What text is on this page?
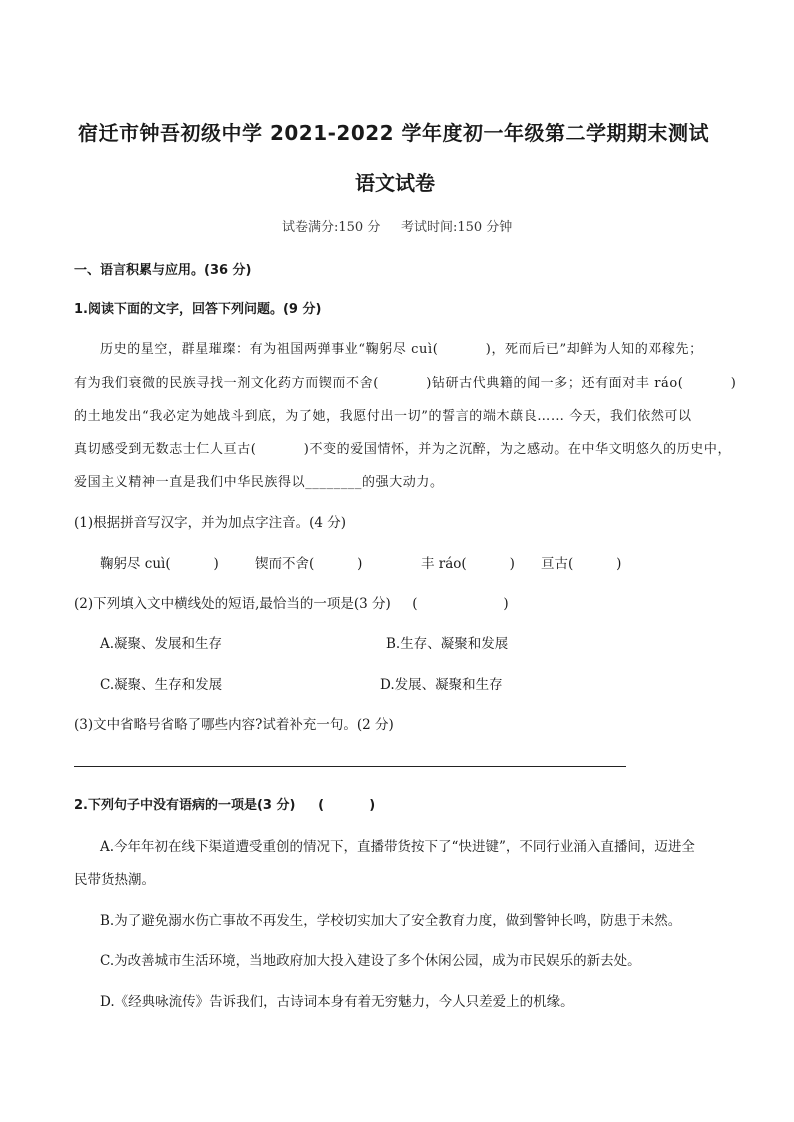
宿迁市钟吾初级中学 2021-2022 学年度初一年级第二学期期末测试
语文试卷
试卷满分:150 分     考试时间:150 分钟
一、语言积累与应用。(36 分)
1.阅读下面的文字，回答下列问题。(9 分)
历史的星空，群星璀璨：有为祖国两弹事业“鞠躬尽 cuì(          )，死而后已”却鲜为人知的邓稼先；
有为我们衰微的民族寻找一剂文化药方而锲而不舍(          )钻研古代典籍的闻一多；还有面对丰 ráo(          )
的土地发出“我必定为她战斗到底，为了她，我愿付出一切”的誓言的端木蕻良…… 今天，我们依然可以
真切感受到无数志士仁人亘古(          )不变的爱国情怀，并为之沉醉，为之感动。在中华文明悠久的历史中，
爱国主义精神一直是我们中华民族得以________的强大动力。
(1)根据拼音写汉字，并为加点字注音。(4 分)
鞠躬尽 cuì(          )	锲而不舍(          )	丰 ráo(          ) 亘古(          )
(2)下列填入文中横线处的短语,最恰当的一项是(3 分)     (                    )
A.凝聚、发展和生存	B.生存、凝聚和发展
C.凝聚、生存和发展	D.发展、凝聚和生存
(3)文中省略号省略了哪些内容?试着补充一句。(2 分)
2.下列句子中没有语病的一项是(3 分)     (          )
A.今年年初在线下渠道遭受重创的情况下，直播带货按下了“快进键”，不同行业涌入直播间，迈进全
民带货热潮。
B.为了避免溺水伤亡事故不再发生，学校切实加大了安全教育力度，做到警钟长鸣，防患于未然。
C.为改善城市生活环境，当地政府加大投入建设了多个休闲公园，成为市民娱乐的新去处。
D.《经典咏流传》告诉我们，古诗词本身有着无穷魅力，今人只差爱上的机缘。
